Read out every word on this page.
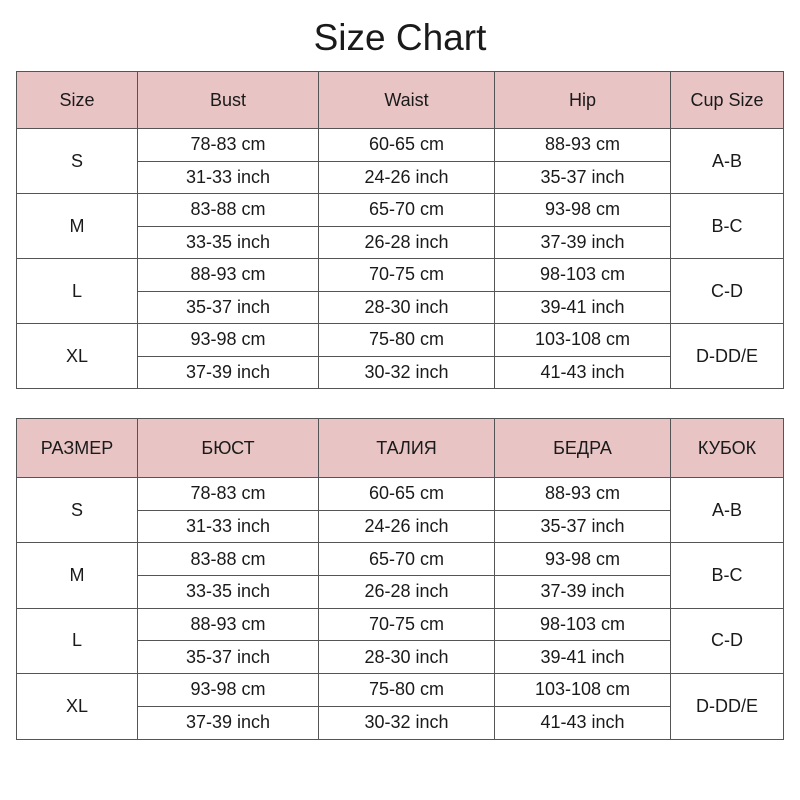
Size Chart
Size	Bust	Waist	Hip	Cup Size
S	78-83 cm	60-65 cm	88-93 cm	A-B
	31-33 inch	24-26 inch	35-37 inch	
M	83-88 cm	65-70 cm	93-98 cm	B-C
	33-35 inch	26-28 inch	37-39 inch	
L	88-93 cm	70-75 cm	98-103 cm	C-D
	35-37 inch	28-30 inch	39-41 inch	
XL	93-98 cm	75-80 cm	103-108 cm	D-DD/E
	37-39 inch	30-32 inch	41-43 inch	
РАЗМЕР	БЮСТ	ТАЛИЯ	БЕДРА	КУБОК
S	78-83 cm	60-65 cm	88-93 cm	A-B
	31-33 inch	24-26 inch	35-37 inch	
M	83-88 cm	65-70 cm	93-98 cm	B-C
	33-35 inch	26-28 inch	37-39 inch	
L	88-93 cm	70-75 cm	98-103 cm	C-D
	35-37 inch	28-30 inch	39-41 inch	
XL	93-98 cm	75-80 cm	103-108 cm	D-DD/E
	37-39 inch	30-32 inch	41-43 inch	
